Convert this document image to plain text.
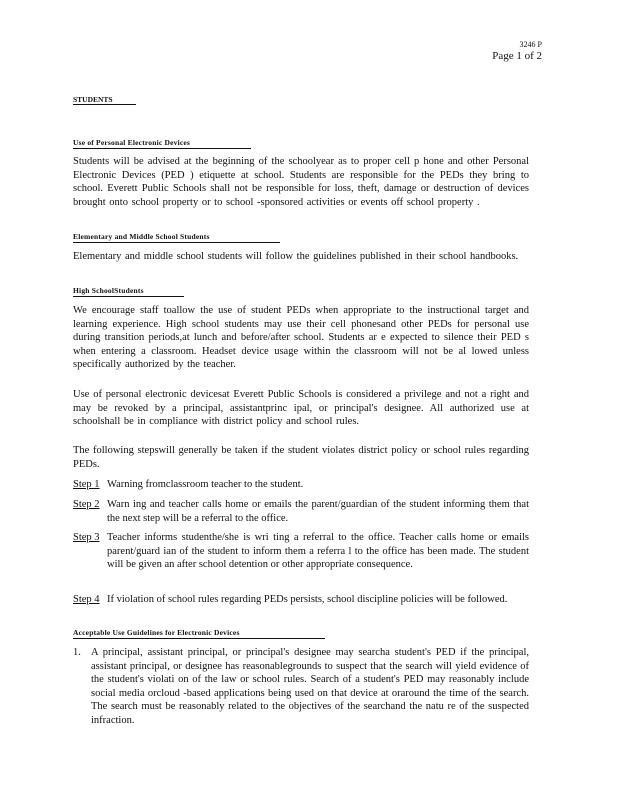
3246 P
Page 1 of 2
STUDENTS
Use of Personal Electronic Devices
Students will be advised at the beginning of the schoolyear as to proper cell p hone and other Personal Electronic Devices (PED ) etiquette at school. Students are responsible for the PEDs they bring to school. Everett Public Schools shall not be responsible for loss, theft, damage or destruction of devices brought onto school property or to school -sponsored activities or events off school property .
Elementary and Middle School Students
Elementary and middle school students will follow the guidelines published in their school handbooks.
High SchoolStudents
We encourage staff toallow the use of student PEDs when appropriate to the instructional target and learning experience. High school students may use their cell phonesand other PEDs for personal use during transition periods,at lunch and before/after school. Students ar e expected to silence their PED s when entering a classroom. Headset device usage within the classroom will not be al lowed unless specifically authorized by the teacher.
Use of personal electronic devicesat Everett Public Schools is considered a privilege and not a right and may be revoked by a principal, assistantprinc ipal, or principal's designee. All authorized use at schoolshall be in compliance with district policy and school rules.
The following stepswill generally be taken if the student violates district policy or school rules regarding PEDs.
Step 1 Warning fromclassroom teacher to the student.
Step 2 Warn ing and teacher calls home or emails the parent/guardian of the student informing them that the next step will be a referral to the office.
Step 3 Teacher informs studenthe/she is wri ting a referral to the office. Teacher calls home or emails parent/guard ian of the student to inform them a referra l to the office has been made. The student will be given an after school detention or other appropriate consequence.
Step 4 If violation of school rules regarding PEDs persists, school discipline policies will be followed.
Acceptable Use Guidelines for Electronic Devices
1. A principal, assistant principal, or principal's designee may searcha student's PED if the principal, assistant principal, or designee has reasonablegrounds to suspect that the search will yield evidence of the student's violati on of the law or school rules. Search of a student's PED may reasonably include social media orcloud -based applications being used on that device at oraround the time of the search. The search must be reasonably related to the objectives of the searchand the natu re of the suspected infraction.
